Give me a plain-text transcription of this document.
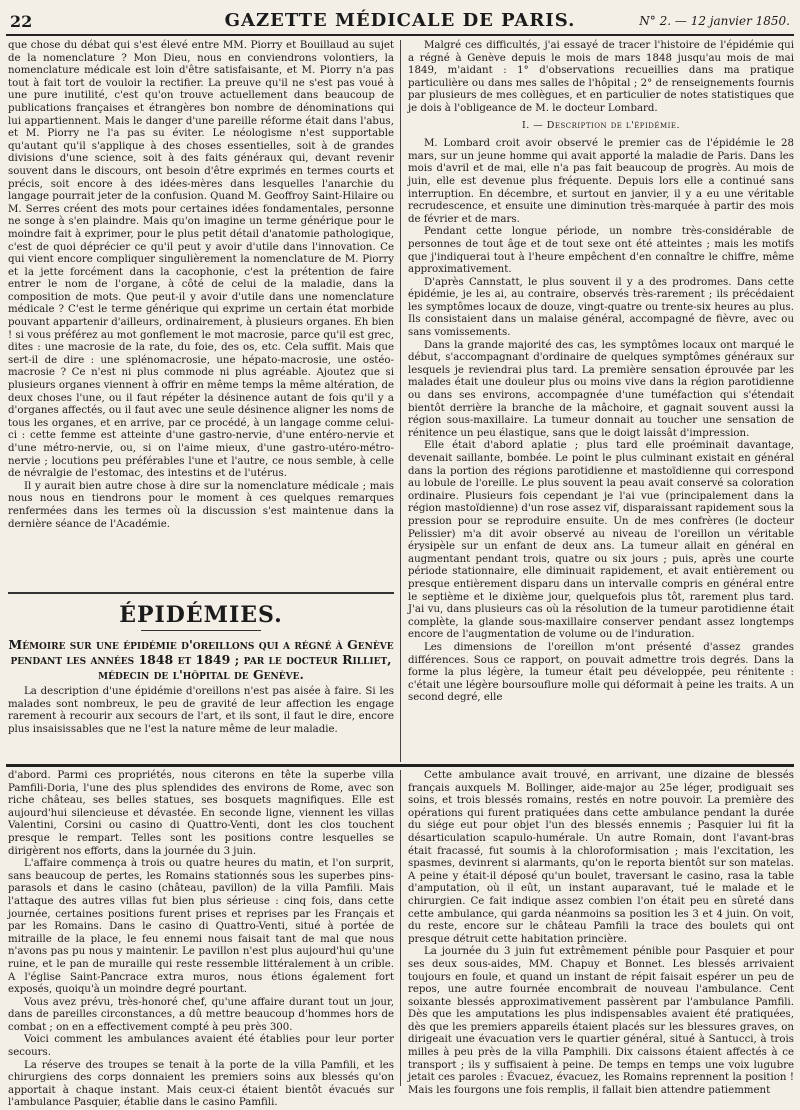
22	GAZETTE MÉDICALE DE PARIS.	N° 2. — 12 janvier 1850.

que chose du débat qui s'est élevé entre MM. Piorry et Bouillaud au sujet de la nomenclature ? Mon Dieu, nous en conviendrons volontiers, la nomenclature médicale est loin d'être satisfaisante, et M. Piorry n'a pas tout à fait tort de vouloir la rectifier. La preuve qu'il ne s'est pas voué à une pure inutilité, c'est qu'on trouve actuellement dans beaucoup de publications françaises et étrangères bon nombre de dénominations qui lui appartiennent. Mais le danger d'une pareille réforme était dans l'abus, et M. Piorry ne l'a pas su éviter. Le néologisme n'est supportable qu'autant qu'il s'applique à des choses essentielles, soit à de grandes divisions d'une science, soit à des faits généraux qui, devant revenir souvent dans le discours, ont besoin d'être exprimés en termes courts et précis, soit encore à des idées-mères dans lesquelles l'anarchie du langage pourrait jeter de la confusion. Quand M. Geoffroy Saint-Hilaire ou M. Serres créent des mots pour certaines idées fondamentales, personne ne songe à s'en plaindre. Mais qu'on imagine un terme générique pour le moindre fait à exprimer, pour le plus petit détail d'anatomie pathologique, c'est de quoi déprécier ce qu'il peut y avoir d'utile dans l'innovation. Ce qui vient encore compliquer singulièrement la nomenclature de M. Piorry et la jette forcément dans la cacophonie, c'est la prétention de faire entrer le nom de l'organe, à côté de celui de la maladie, dans la composition de mots. Que peut-il y avoir d'utile dans une nomenclature médicale ? C'est le terme générique qui exprime un certain état morbide pouvant appartenir d'ailleurs, ordinairement, à plusieurs organes. Eh bien ! si vous préférez au mot gonflement le mot macrosie, parce qu'il est grec, dites : une macrosie de la rate, du foie, des os, etc. Cela suffit. Mais que sert-il de dire : une splénomacrosie, une hépato-macrosie, une ostéo-macrosie ? Ce n'est ni plus commode ni plus agréable. Ajoutez que si plusieurs organes viennent à offrir en même temps la même altération, de deux choses l'une, ou il faut répéter la désinence autant de fois qu'il y a d'organes affectés, ou il faut avec une seule désinence aligner les noms de tous les organes, et en arrive, par ce procédé, à un langage comme celui-ci : cette femme est atteinte d'une gastro-nervie, d'une entéro-nervie et d'une métro-nervie, ou, si on l'aime mieux, d'une gastro-utéro-métro-nervie ; locutions peu préférables l'une et l'autre, ce nous semble, à celle de névralgie de l'estomac, des intestins et de l'utérus.

Il y aurait bien autre chose à dire sur la nomenclature médicale ; mais nous nous en tiendrons pour le moment à ces quelques remarques renfermées dans les termes où la discussion s'est maintenue dans la dernière séance de l'Académie.

ÉPIDÉMIES.
Mémoire sur une épidémie d'oreillons qui a régné à Genève pendant les années 1848 et 1849 ; par le docteur Rilliet, médecin de l'hôpital de Genève.

La description d'une épidémie d'oreillons n'est pas aisée à faire. Si les malades sont nombreux, le peu de gravité de leur affection les engage rarement à recourir aux secours de l'art, et ils sont, il faut le dire, encore plus insaisissables que ne l'est la nature même de leur maladie.

Malgré ces difficultés, j'ai essayé de tracer l'histoire de l'épidémie qui a régné à Genève depuis le mois de mars 1848 jusqu'au mois de mai 1849, m'aidant : 1° d'observations recueillies dans ma pratique particulière ou dans mes salles de l'hôpital ; 2° de renseignements fournis par plusieurs de mes collègues, et en particulier de notes statistiques que je dois à l'obligeance de M. le docteur Lombard.

I. — Description de l'épidémie.

M. Lombard croit avoir observé le premier cas de l'épidémie le 28 mars, sur un jeune homme qui avait apporté la maladie de Paris. Dans les mois d'avril et de mai, elle n'a pas fait beaucoup de progrès. Au mois de juin, elle est devenue plus fréquente. Depuis lors elle a continué sans interruption. En décembre, et surtout en janvier, il y a eu une véritable recrudescence, et ensuite une diminution très-marquée à partir des mois de février et de mars.

Pendant cette longue période, un nombre très-considérable de personnes de tout âge et de tout sexe ont été atteintes ; mais les motifs que j'indiquerai tout à l'heure empêchent d'en connaître le chiffre, même approximativement.

D'après Cannstatt, le plus souvent il y a des prodromes. Dans cette épidémie, je les ai, au contraire, observés très-rarement ; ils précédaient les symptômes locaux de douze, vingt-quatre ou trente-six heures au plus. Ils consistaient dans un malaise général, accompagné de fièvre, avec ou sans vomissements.

Dans la grande majorité des cas, les symptômes locaux ont marqué le début, s'accompagnant d'ordinaire de quelques symptômes généraux sur lesquels je reviendrai plus tard. La première sensation éprouvée par les malades était une douleur plus ou moins vive dans la région parotidienne ou dans ses environs, accompagnée d'une tuméfaction qui s'étendait bientôt derrière la branche de la mâchoire, et gagnait souvent aussi la région sous-maxillaire. La tumeur donnait au toucher une sensation de rénitence un peu élastique, sans que le doigt laissât d'impression.

Elle était d'abord aplatie ; plus tard elle proéminait davantage, devenait saillante, bombée. Le point le plus culminant existait en général dans la portion des régions parotidienne et mastoïdienne qui correspond au lobule de l'oreille. Le plus souvent la peau avait conservé sa coloration ordinaire. Plusieurs fois cependant je l'ai vue (principalement dans la région mastoïdienne) d'un rose assez vif, disparaissant rapidement sous la pression pour se reproduire ensuite. Un de mes confrères (le docteur Pelissier) m'a dit avoir observé au niveau de l'oreillon un véritable érysipèle sur un enfant de deux ans. La tumeur allait en général en augmentant pendant trois, quatre ou six jours ; puis, après une courte période stationnaire, elle diminuait rapidement, et avait entièrement ou presque entièrement disparu dans un intervalle compris en général entre le septième et le dixième jour, quelquefois plus tôt, rarement plus tard. J'ai vu, dans plusieurs cas où la résolution de la tumeur parotidienne était complète, la glande sous-maxillaire conserver pendant assez longtemps encore de l'augmentation de volume ou de l'induration.

Les dimensions de l'oreillon m'ont présenté d'assez grandes différences. Sous ce rapport, on pouvait admettre trois degrés. Dans la forme la plus légère, la tumeur était peu développée, peu rénitente : c'était une légère boursouflure molle qui déformait à peine les traits. A un second degré, elle

d'abord. Parmi ces propriétés, nous citerons en tête la superbe villa Pamfili-Doria, l'une des plus splendides des environs de Rome, avec son riche château, ses belles statues, ses bosquets magnifiques. Elle est aujourd'hui silencieuse et dévastée. En seconde ligne, viennent les villas Valentini, Corsini ou casino di Quattro-Venti, dont les clos touchent presque le rempart. Telles sont les positions contre lesquelles se dirigèrent nos efforts, dans la journée du 3 juin.

L'affaire commença à trois ou quatre heures du matin, et l'on surprit, sans beaucoup de pertes, les Romains stationnés sous les superbes pins-parasols et dans le casino (château, pavillon) de la villa Pamfili. Mais l'attaque des autres villas fut bien plus sérieuse : cinq fois, dans cette journée, certaines positions furent prises et reprises par les Français et par les Romains. Dans le casino di Quattro-Venti, situé à portée de mitraille de la place, le feu ennemi nous faisait tant de mal que nous n'avons pas pu nous y maintenir. Le pavillon n'est plus aujourd'hui qu'une ruine, et le pan de muraille qui reste ressemble littéralement à un crible. A l'église Saint-Pancrace extra muros, nous étions également fort exposés, quoiqu'à un moindre degré pourtant.

Vous avez prévu, très-honoré chef, qu'une affaire durant tout un jour, dans de pareilles circonstances, a dû mettre beaucoup d'hommes hors de combat ; on en a effectivement compté à peu près 300.

Voici comment les ambulances avaient été établies pour leur porter secours.

La réserve des troupes se tenait à la porte de la villa Pamfili, et les chirurgiens des corps donnaient les premiers soins aux blessés qu'on apportait à chaque instant. Mais ceux-ci étaient bientôt évacués sur l'ambulance Pasquier, établie dans le casino Pamfili.

Cette ambulance avait trouvé, en arrivant, une dizaine de blessés français auxquels M. Bollinger, aide-major au 25e léger, prodiguait ses soins, et trois blessés romains, restés en notre pouvoir. La première des opérations qui furent pratiquées dans cette ambulance pendant la durée du siége eut pour objet l'un des blessés ennemis ; Pasquier lui fit la désarticulation scapulo-humérale. Un autre Romain, dont l'avant-bras était fracassé, fut soumis à la chloroformisation ; mais l'excitation, les spasmes, devinrent si alarmants, qu'on le reporta bientôt sur son matelas. A peine y était-il déposé qu'un boulet, traversant le casino, rasa la table d'amputation, où il eût, un instant auparavant, tué le malade et le chirurgien. Ce fait indique assez combien l'on était peu en sûreté dans cette ambulance, qui garda néanmoins sa position les 3 et 4 juin. On voit, du reste, encore sur le château Pamfili la trace des boulets qui ont presque détruit cette habitation princière.

La journée du 3 juin fut extrêmement pénible pour Pasquier et pour ses deux sous-aides, MM. Chapuy et Bonnet. Les blessés arrivaient toujours en foule, et quand un instant de répit faisait espérer un peu de repos, une autre fournée encombrait de nouveau l'ambulance. Cent soixante blessés approximativement passèrent par l'ambulance Pamfili. Dès que les amputations les plus indispensables avaient été pratiquées, dès que les premiers appareils étaient placés sur les blessures graves, on dirigeait une évacuation vers le quartier général, situé à Santucci, à trois milles à peu près de la villa Pamphili. Dix caissons étaient affectés à ce transport ; ils y suffisaient à peine. De temps en temps une voix lugubre jetait ces paroles : Évacuez, évacuez, les Romains reprennent la position ! Mais les fourgons une fois remplis, il fallait bien attendre patiemment
